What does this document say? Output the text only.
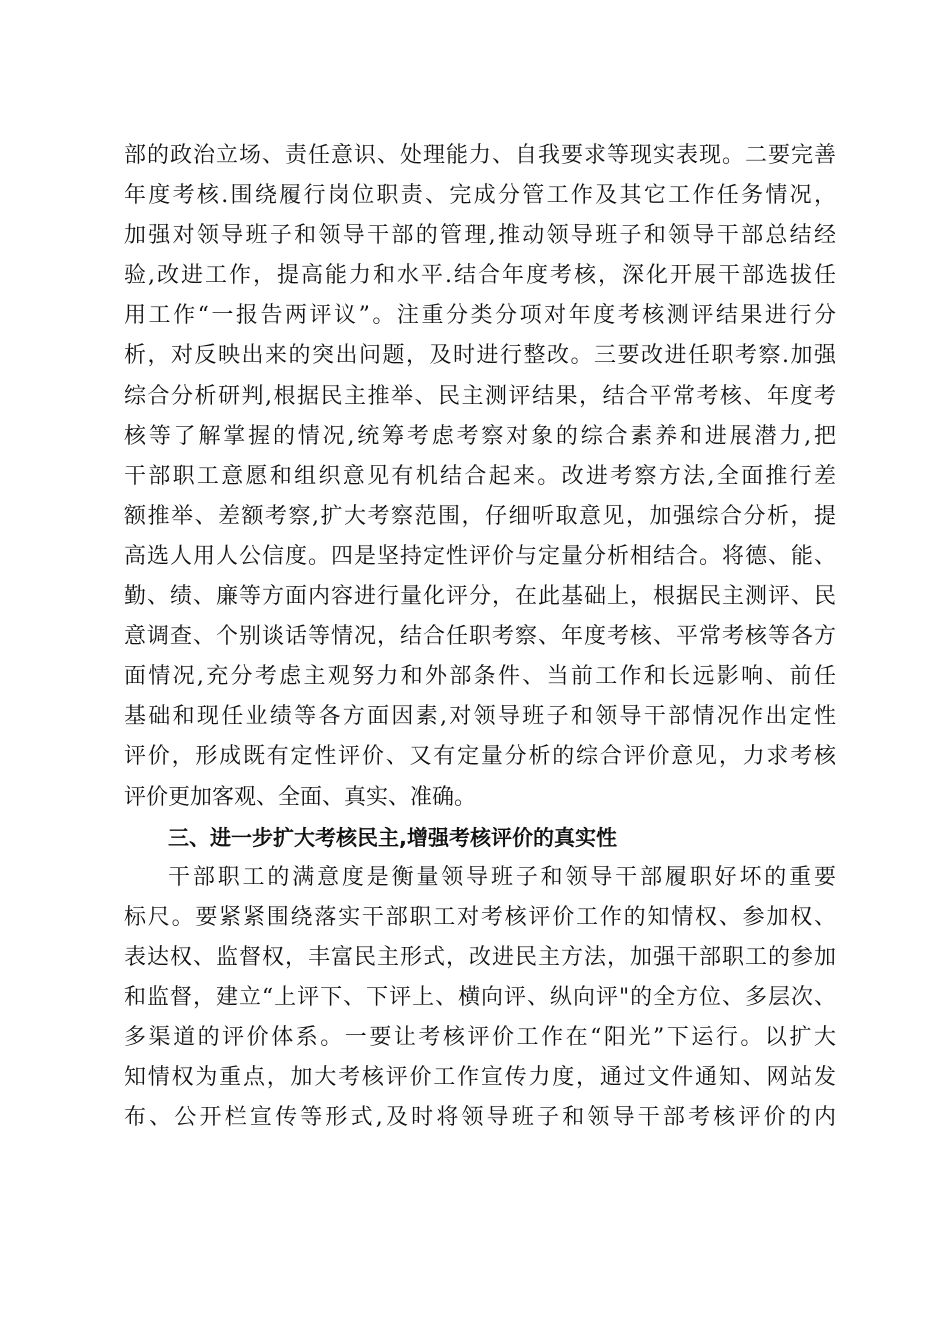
部的政治立场、责任意识、处理能力、自我要求等现实表现。二要完善
年度考核.围绕履行岗位职责、完成分管工作及其它工作任务情况，
加强对领导班子和领导干部的管理,推动领导班子和领导干部总结经
验,改进工作，提高能力和水平.结合年度考核，深化开展干部选拔任
用工作“一报告两评议”。注重分类分项对年度考核测评结果进行分
析，对反映出来的突出问题，及时进行整改。三要改进任职考察.加强
综合分析研判,根据民主推举、民主测评结果，结合平常考核、年度考
核等了解掌握的情况,统筹考虑考察对象的综合素养和进展潜力,把
干部职工意愿和组织意见有机结合起来。改进考察方法,全面推行差
额推举、差额考察,扩大考察范围，仔细听取意见，加强综合分析，提
高选人用人公信度。四是坚持定性评价与定量分析相结合。将德、能、
勤、绩、廉等方面内容进行量化评分，在此基础上，根据民主测评、民
意调查、个别谈话等情况，结合任职考察、年度考核、平常考核等各方
面情况,充分考虑主观努力和外部条件、当前工作和长远影响、前任
基础和现任业绩等各方面因素,对领导班子和领导干部情况作出定性
评价，形成既有定性评价、又有定量分析的综合评价意见，力求考核
评价更加客观、全面、真实、准确。
三、进一步扩大考核民主,增强考核评价的真实性
干部职工的满意度是衡量领导班子和领导干部履职好坏的重要
标尺。要紧紧围绕落实干部职工对考核评价工作的知情权、参加权、
表达权、监督权，丰富民主形式，改进民主方法，加强干部职工的参加
和监督，建立“上评下、下评上、横向评、纵向评"的全方位、多层次、
多渠道的评价体系。一要让考核评价工作在“阳光”下运行。以扩大
知情权为重点，加大考核评价工作宣传力度，通过文件通知、网站发
布、公开栏宣传等形式,及时将领导班子和领导干部考核评价的内
